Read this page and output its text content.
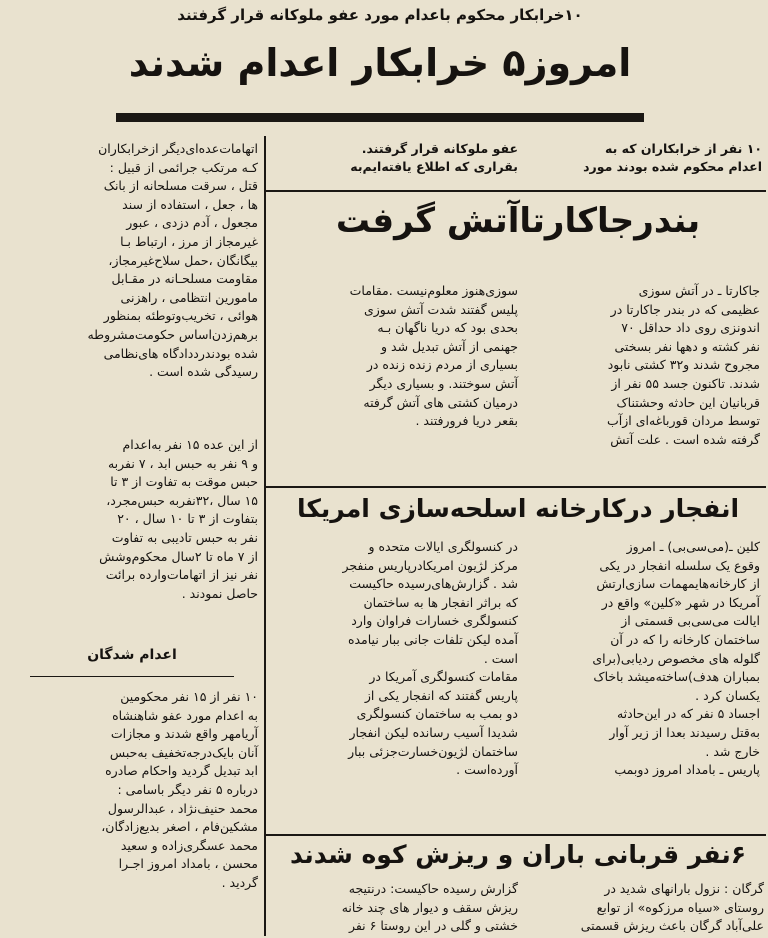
۱۰خرابکار محکوم باعدام مورد عفو ملوکانه قرار گرفتند
امروز۵ خرابکار اعدام شدند
۱۰ نفر از خرابکاران که به
اعدام محکوم شده بودند مورد
عفو ملوکانه قرار گرفتند.
بقراری که اطلاع یافته‌ایم‌به
اتهامات‌عده‌ای‌دیگر ازخرابکاران
کـه مرتکب جرائمی از قبیل :
قتل ، سرقت مسلحانه از بانک
ها ، جعل ، استفاده از سند
مجعول ، آدم دزدی ، عبور
غیرمجاز از مرز ، ارتباط بـا
بیگانگان ،حمل سلاح‌غیرمجاز،
مقاومت مسلحـانه در مقـابل
مامورین انتظامی ، راهزنی
هوائی ، تخریب‌وتوطئه بمنظور
برهم‌زدن‌اساس حکومت‌مشروطه
شده بودندرددادگاه های‌نظامی
رسیدگی شده است .
از این عده ۱۵ نفر به‌اعدام
و ۹ نفر به حبس ابد ، ۷ نفربه
حبس موقت به تفاوت از ۳ تا
۱۵ سال ،۳۲نفربه حبس‌مجرد،
بتفاوت از ۳ تا ۱۰ سال ، ۲۰
نفر به حبس تادیبی به تفاوت
از ۷ ماه تا ۲سال محکوم‌وشش
نفر نیز از اتهامات‌وارده برائت
حاصل نمودند .
اعدام شدگان
۱۰ نفر از ۱۵ نفر محکومین
به اعدام مورد عفو شاهنشاه
آریامهر واقع شدند و مجازات
آنان بایک‌درجه‌تخفیف به‌حبس
ابد تبدیل گردید واحکام صادره
درباره ۵ نفر دیگر باسامی :
محمد حنیف‌نژاد ، عبدالرسول
مشکین‌فام ، اصغر بدیع‌زادگان،
محمد عسگری‌زاده و سعید
محسن ، بامداد امروز اجـرا
گردید .
بندرجاکارتاآتش گرفت
جاکارتا ـ در آتش سوزی
عظیمی که در بندر جاکارتا در
اندونزی روی داد حداقل ۷۰
نفر کشته و دهها نفر بسختی
مجروح شدند و۳۲ کشتی نابود
شدند. تاکنون جسد ۵۵ نفر از
قربانیان این حادثه وحشتناک
توسط مردان قورباغه‌ای ازآب
گرفته شده است . علت آتش‌
سوزی‌هنوز معلوم‌نیست .مقامات
پلیس گفتند شدت آتش سوزی
بحدی بود که دریا ناگهان بـه
جهنمی از آتش تبدیل شد و
بسیاری از مردم زنده زنده در
آتش سوختند. و بسیاری دیگر
درمیان کشتی های آتش گرفته
بقعر دریا فرورفتند .
انفجار درکارخانه اسلحه‌سازی امریکا
کلین ـ(می‌سی‌بی) ـ امروز
وقوع یک سلسله انفجار در یکی
از کارخانه‌هایمهمات سازی‌ارتش
آمریکا در شهر «کلین» واقع در
ایالت می‌سی‌بی قسمتی از
ساختمان کارخانه را که در آن
گلوله های مخصوص ردیابی(برای
بمباران هدف)ساخته‌میشد باخاک
یکسان کرد .
اجساد ۵ نفر که در این‌حادثه
به‌قتل رسیدند بعدا از زیر آوار
خارج شد .
پاریس ـ بامداد امروز دوبمب
در کنسولگری ایالات متحده و
مرکز لژیون امریکادرپاریس منفجر
شد . گزارش‌های‌رسیده حاکیست
که براثر انفجار ها به ساختمان
کنسولگری خسارات فراوان وارد
آمده لیکن تلفات جانی ببار نیامده
است .
مقامات کنسولگری آمریکا در
پاریس گفتند که انفجار یکی از
دو بمب به ساختمان کنسولگری
شدیدا آسیب رسانده لیکن انفجار
ساختمان لژیون‌خسارت‌جزئی ببار
آورده‌است .
۶نفر قربانی باران و ریزش کوه شدند
گرگان : نزول بارانهای شدید در
روستای «سیاه مرزکوه» از توابع
علی‌آباد گرگان باعث ریزش قسمتی
گزارش رسیده حاکیست: درنتیجه
ریزش سقف و دیوار های چند خانه
خشتی و گلی در این روستا ۶ نفر
